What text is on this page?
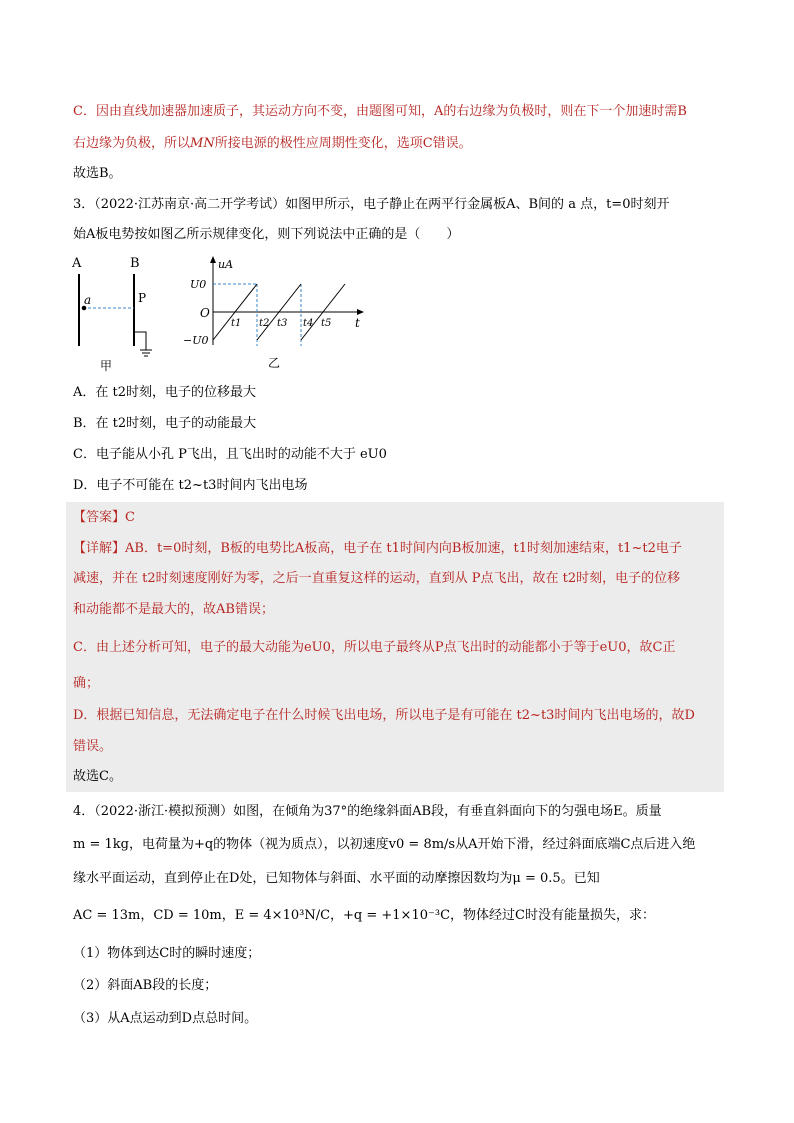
C．因由直线加速器加速质子，其运动方向不变，由题图可知，A的右边缘为负极时，则在下一个加速时需B
右边缘为负极，所以MN所接电源的极性应周期性变化，选项C错误。
故选B。
3．（2022·江苏南京·高二开学考试）如图甲所示，电子静止在两平行金属板A、B间的 a 点，t=0时刻开
始A板电势按如图乙所示规律变化，则下列说法中正确的是（　　）
A	B
a	P
甲
uA
U0
−U0
O
t
t1 t2 t3 t4 t5
乙
A．在 t2时刻，电子的位移最大
B．在 t2时刻，电子的动能最大
C．电子能从小孔 P飞出，且飞出时的动能不大于 eU0
D．电子不可能在 t2~t3时间内飞出电场
【答案】C
【详解】AB．t=0时刻，B板的电势比A板高，电子在 t1时间内向B板加速，t1时刻加速结束，t1~t2电子
减速，并在 t2时刻速度刚好为零，之后一直重复这样的运动，直到从 P点飞出，故在 t2时刻，电子的位移
和动能都不是最大的，故AB错误；
C．由上述分析可知，电子的最大动能为eU0，所以电子最终从P点飞出时的动能都小于等于eU0，故C正
确；
D．根据已知信息，无法确定电子在什么时候飞出电场，所以电子是有可能在 t2~t3时间内飞出电场的，故D
错误。
故选C。
4．（2022·浙江·模拟预测）如图，在倾角为37°的绝缘斜面AB段，有垂直斜面向下的匀强电场E。质量
m = 1kg，电荷量为+q的物体（视为质点），以初速度v0 = 8m/s从A开始下滑，经过斜面底端C点后进入绝
缘水平面运动，直到停止在D处，已知物体与斜面、水平面的动摩擦因数均为μ = 0.5。已知
AC = 13m，CD = 10m，E = 4×10³N/C，+q = +1×10⁻³C，物体经过C时没有能量损失，求：
（1）物体到达C时的瞬时速度；
（2）斜面AB段的长度；
（3）从A点运动到D点总时间。
